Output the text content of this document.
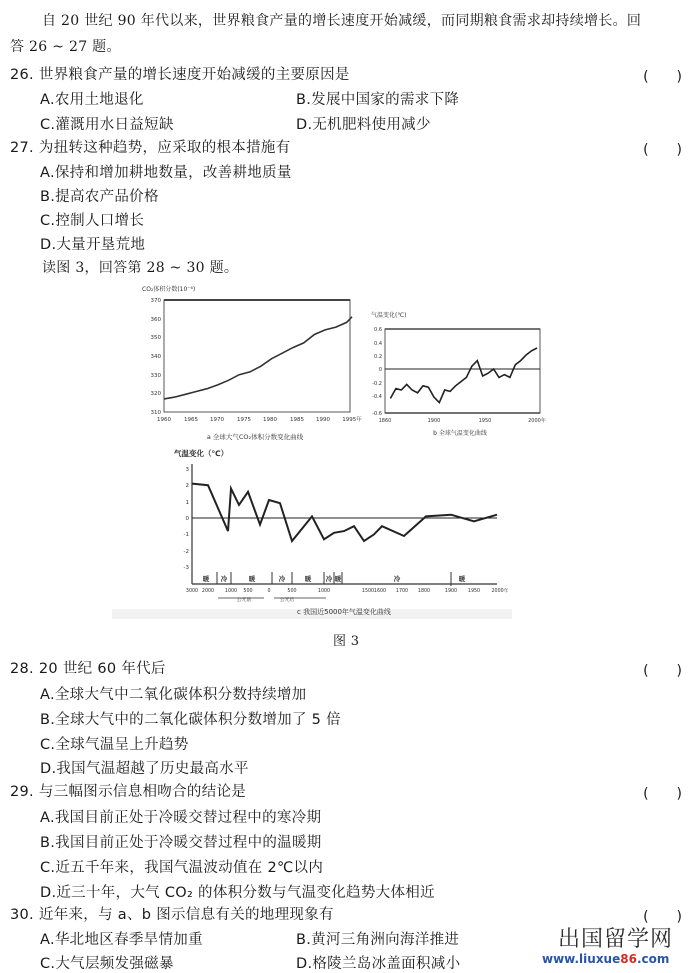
自 20 世纪 90 年代以来，世界粮食产量的增长速度开始减缓，而同期粮食需求却持续增长。回
答 26 ~ 27 题。
26. 世界粮食产量的增长速度开始减缓的主要原因是	(　　)
A.农用土地退化	B.发展中国家的需求下降
C.灌溉用水日益短缺	D.无机肥料使用减少
27. 为扭转这种趋势，应采取的根本措施有	(　　)
A.保持和增加耕地数量，改善耕地质量
B.提高农产品价格
C.控制人口增长
D.大量开垦荒地
读图 3，回答第 28 ~ 30 题。
CO₂体积分数(10⁻⁶)
370
360
350
340
330
320
310
1960 1965 1970 1975 1980 1985 1990 1995年
a 全球大气CO₂体积分数变化曲线
气温变化(℃)
0.6
0.4
0.2
0
-0.2
-0.4
-0.6
1860	1900	1950	2000年
b 全球气温变化曲线
气温变化（℃）
3
2
1
0
-1
-2
-3
暖 冷	暖	冷	暖 冷 暖	冷	暖
3000 2000 1000 500	0	500	1000	1500 1600 1700 1800	1900 1950 2000年
公元前	公元后
c 我国近5000年气温变化曲线
图 3
28. 20 世纪 60 年代后	(　　)
A.全球大气中二氧化碳体积分数持续增加
B.全球大气中的二氧化碳体积分数增加了 5 倍
C.全球气温呈上升趋势
D.我国气温超越了历史最高水平
29. 与三幅图示信息相吻合的结论是	(　　)
A.我国目前正处于冷暖交替过程中的寒冷期
B.我国目前正处于冷暖交替过程中的温暖期
C.近五千年来，我国气温波动值在 2℃以内
D.近三十年，大气 CO₂ 的体积分数与气温变化趋势大体相近
30. 近年来，与 a、b 图示信息有关的地理现象有	(　　)
A.华北地区春季旱情加重	B.黄河三角洲向海洋推进
C.大气层频发强磁暴	D.格陵兰岛冰盖面积减小
出国留学网
www.liuxue86.com
